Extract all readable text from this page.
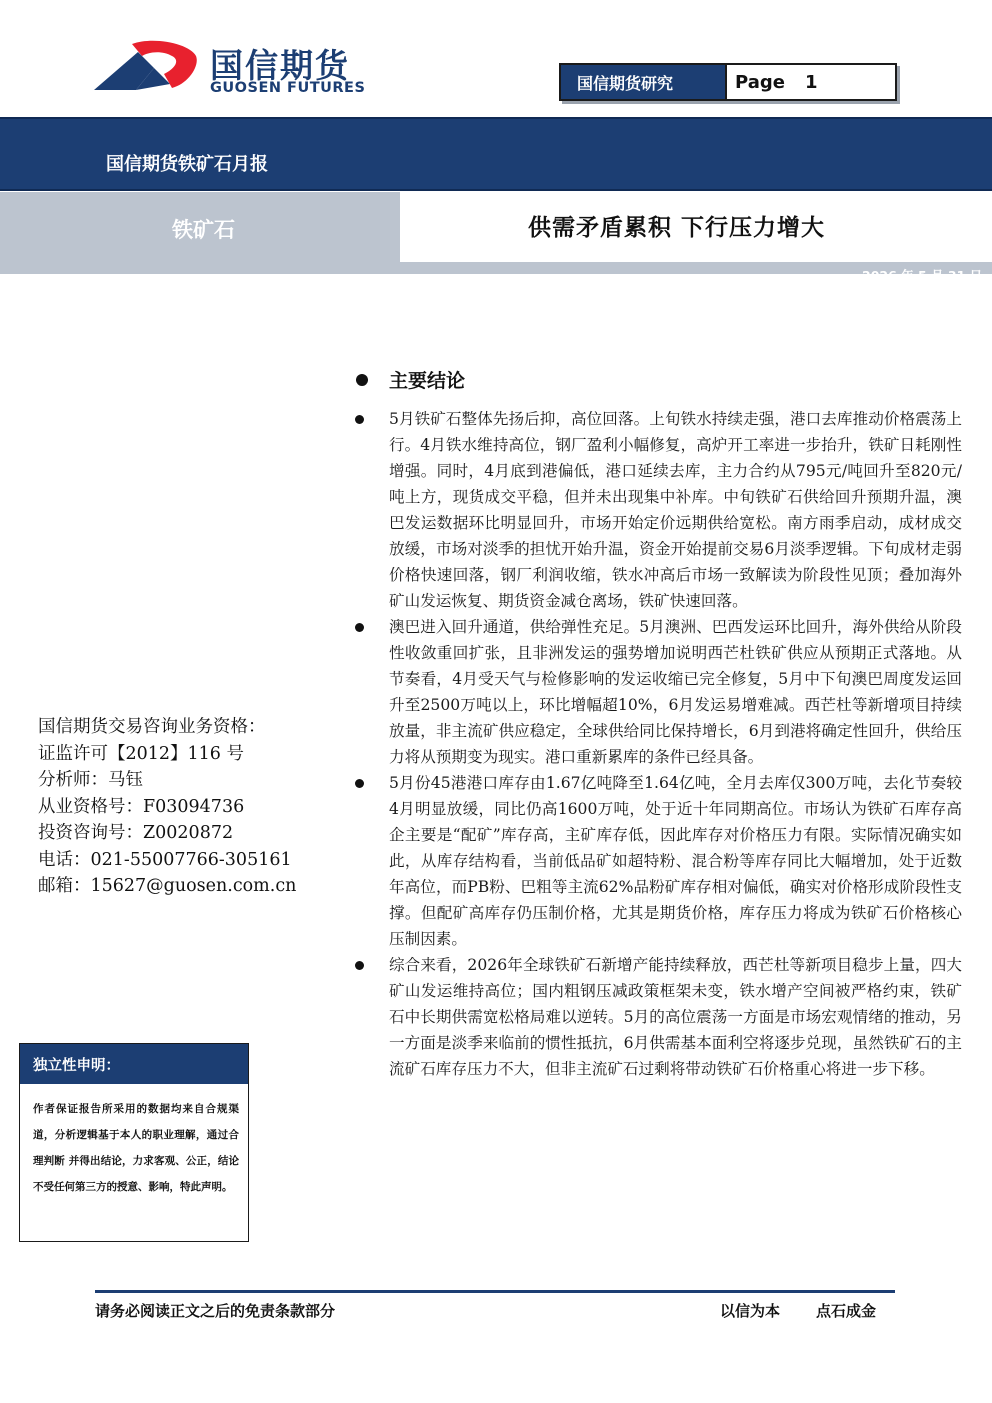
国信期货
GUOSEN FUTURES	国信期货研究	Page 1
国信期货铁矿石月报
铁矿石	供需矛盾累积 下行压力增大
2026 年 5 月 31 日
主要结论

5月铁矿石整体先扬后抑，高位回落。上旬铁水持续走强，港口去库推动价格震荡上行。4月铁水维持高位，钢厂盈利小幅修复，高炉开工率进一步抬升，铁矿日耗刚性增强。同时，4月底到港偏低，港口延续去库，主力合约从795元/吨回升至820元/吨上方，现货成交平稳，但并未出现集中补库。中旬铁矿石供给回升预期升温，澳巴发运数据环比明显回升，市场开始定价远期供给宽松。南方雨季启动，成材成交放缓，市场对淡季的担忧开始升温，资金开始提前交易6月淡季逻辑。下旬成材走弱价格快速回落，钢厂利润收缩，铁水冲高后市场一致解读为阶段性见顶；叠加海外矿山发运恢复、期货资金减仓离场，铁矿快速回落。

澳巴进入回升通道，供给弹性充足。5月澳洲、巴西发运环比回升，海外供给从阶段性收敛重回扩张，且非洲发运的强势增加说明西芒杜铁矿供应从预期正式落地。从节奏看，4月受天气与检修影响的发运收缩已完全修复，5月中下旬澳巴周度发运回升至2500万吨以上，环比增幅超10%，6月发运易增难减。西芒杜等新增项目持续放量，非主流矿供应稳定，全球供给同比保持增长，6月到港将确定性回升，供给压力将从预期变为现实。港口重新累库的条件已经具备。

5月份45港港口库存由1.67亿吨降至1.64亿吨，全月去库仅300万吨，去化节奏较4月明显放缓，同比仍高1600万吨，处于近十年同期高位。市场认为铁矿石库存高企主要是“配矿”库存高，主矿库存低，因此库存对价格压力有限。实际情况确实如此，从库存结构看，当前低品矿如超特粉、混合粉等库存同比大幅增加，处于近数年高位，而PB粉、巴粗等主流62%品粉矿库存相对偏低，确实对价格形成阶段性支撑。但配矿高库存仍压制价格，尤其是期货价格，库存压力将成为铁矿石价格核心压制因素。

综合来看，2026年全球铁矿石新增产能持续释放，西芒杜等新项目稳步上量，四大矿山发运维持高位；国内粗钢压减政策框架未变，铁水增产空间被严格约束，铁矿石中长期供需宽松格局难以逆转。5月的高位震荡一方面是市场宏观情绪的推动，另一方面是淡季来临前的惯性抵抗，6月供需基本面利空将逐步兑现，虽然铁矿石的主流矿石库存压力不大，但非主流矿石过剩将带动铁矿石价格重心将进一步下移。

国信期货交易咨询业务资格：
证监许可【2012】116 号
分析师：马钰
从业资格号：F03094736
投资咨询号：Z0020872
电话：021-55007766-305161
邮箱：15627@guosen.com.cn
独立性申明：
作者保证报告所采用的数据均来自合规渠道，分析逻辑基于本人的职业理解，通过合理判断 并得出结论，力求客观、公正，结论不受任何第三方的授意、影响，特此声明。
请务必阅读正文之后的免责条款部分	以信为本 点石成金
